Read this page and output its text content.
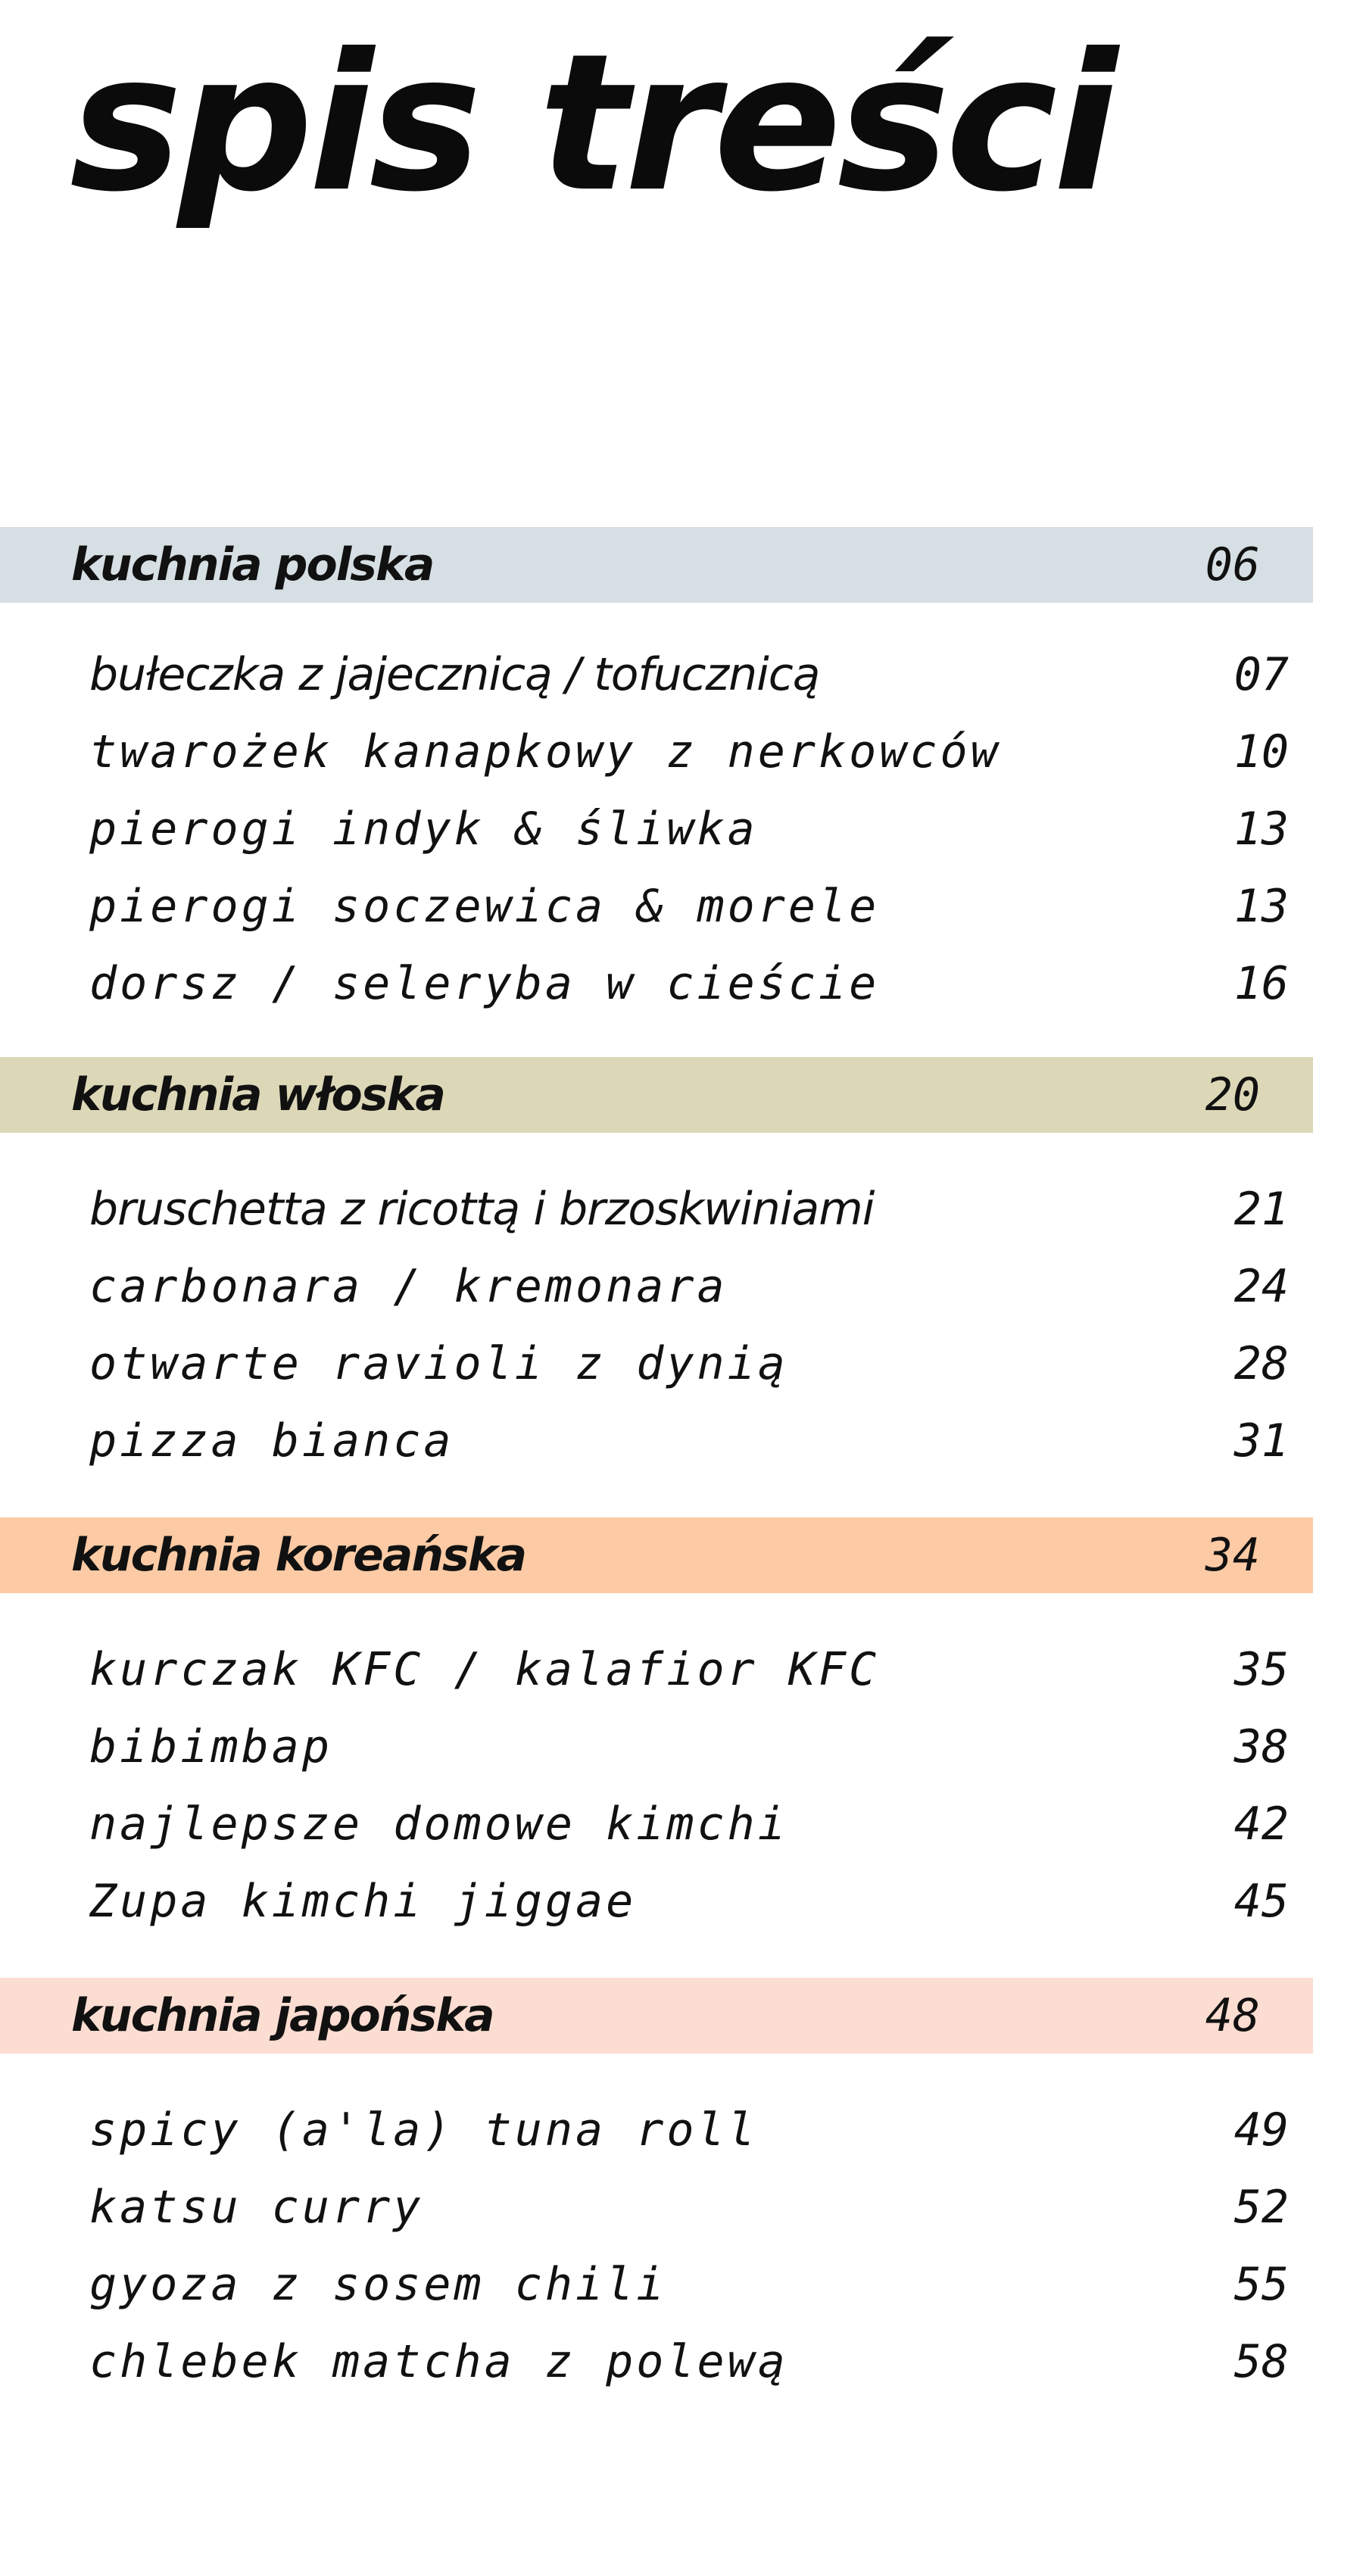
spis treści
kuchnia polska	06
bułeczka z jajecznicą / tofucznicą	07
twarożek kanapkowy z nerkowców	10
pierogi indyk & śliwka	13
pierogi soczewica & morele	13
dorsz / seleryba w cieście	16
kuchnia włoska	20
bruschetta z ricottą i brzoskwiniami	21
carbonara / kremonara	24
otwarte ravioli z dynią	28
pizza bianca	31
kuchnia koreańska	34
kurczak KFC / kalafior KFC	35
bibimbap	38
najlepsze domowe kimchi	42
Zupa kimchi jiggae	45
kuchnia japońska	48
spicy (a'la) tuna roll	49
katsu curry	52
gyoza z sosem chili	55
chlebek matcha z polewą	58
